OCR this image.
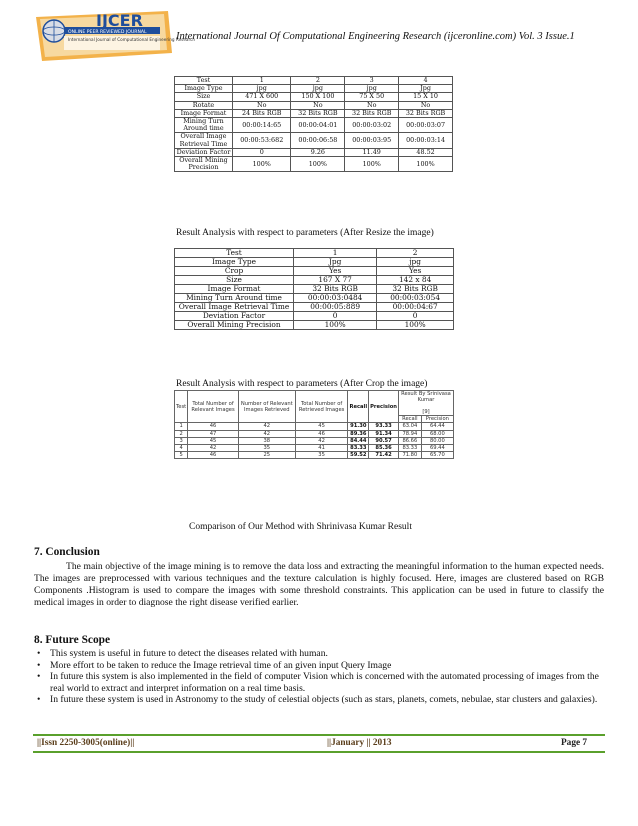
IJCER
ONLINE PEER REVIEWED JOURNAL
International Journal of Computational Engineering Research
International Journal Of Computational Engineering Research (ijceronline.com) Vol. 3 Issue.1
Test	1	2	3	4
Image Type	jpg	jpg	jpg	Jpg
Size	471 X 600	150 X 100	75 X 50	15 X 10
Rotate	No	No	No	No
Image Format	24 Bits RGB	32 Bits RGB	32 Bits RGB	32 Bits RGB
Mining Turn Around time	00:00:14:65	00:00:04:01	00:00:03:02	00:00:03:07
Overall Image Retrieval Time	00:00:53:682	00:00:06:58	00:00:03:95	00:00:03:14
Deviation Factor	0	9.26	11.49	48.52
Overall Mining Precision	100%	100%	100%	100%
Result Analysis with respect to parameters (After Resize the image)
Test	1	2
Image Type	Jpg	jpg
Crop	Yes	Yes
Size	167 X 77	142 x 84
Image Format	32 Bits RGB	32 Bits RGB
Mining Turn Around time	00:00:03:0484	00:00:03:054
Overall Image Retrieval Time	00:00:05:889	00:00:04:67
Deviation Factor	0	0
Overall Mining Precision	100%	100%
Result Analysis with respect to parameters (After Crop the image)
Test	Total Number of Relevant Images	Number of Relevant Images Retrieved	Total Number of Retrieved Images	Recall	Precision	Result By Srinivasa Kumar

[9]	
						Recall	Precision
1	46	42	45	91.30	93.33	63.04	64.44
2	47	42	46	89.36	91.34	78.94	68.00
3	45	38	42	84.44	90.57	86.66	80.00
4	42	35	41	83.33	85.36	83.33	69.44
5	46	25	35	59.52	71.42	71.80	65.70
Comparison of Our Method with Shrinivasa Kumar Result
7. Conclusion
The main objective of the image mining is to remove the data loss and extracting the meaningful information to the human expected needs. The images are preprocessed with various techniques and the texture calculation is highly focused. Here, images are clustered based on RGB Components .Histogram is used to compare the images with some threshold constraints. This application can be used in future to classify the medical images in order to diagnose the right disease verified earlier.
8. Future Scope
• This system is useful in future to detect the diseases related with human.
• More effort to be taken to reduce the Image retrieval time of an given input Query Image
• In future this system is also implemented in the field of computer Vision which is concerned with the automated processing of images from the real world to extract and interpret information on a real time basis.
• In future these system is used in Astronomy to the study of celestial objects (such as stars, planets, comets, nebulae, star clusters and galaxies).
||Issn 2250-3005(online)||	||January || 2013	Page 7
